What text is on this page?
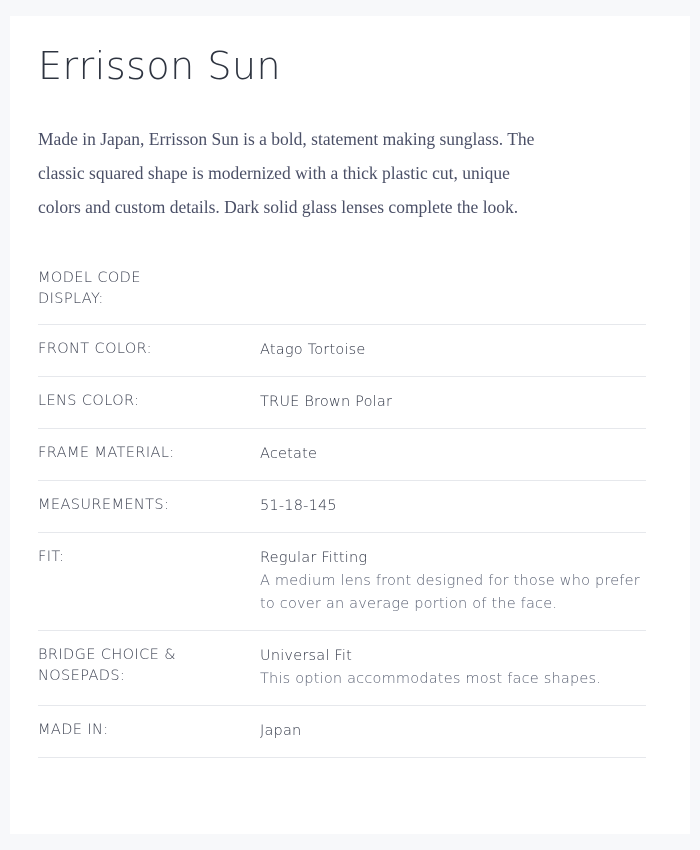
Errisson Sun

Made in Japan, Errisson Sun is a bold, statement making sunglass. The classic squared shape is modernized with a thick plastic cut, unique colors and custom details. Dark solid glass lenses complete the look.

MODEL CODE
DISPLAY:	

FRONT COLOR:	Atago Tortoise

LENS COLOR:	TRUE Brown Polar

FRAME MATERIAL:	Acetate

MEASUREMENTS:	51-18-145

FIT:	Regular Fitting
A medium lens front designed for those who prefer to cover an average portion of the face.

BRIDGE CHOICE &
NOSEPADS:	Universal Fit
This option accommodates most face shapes.

MADE IN:	Japan
